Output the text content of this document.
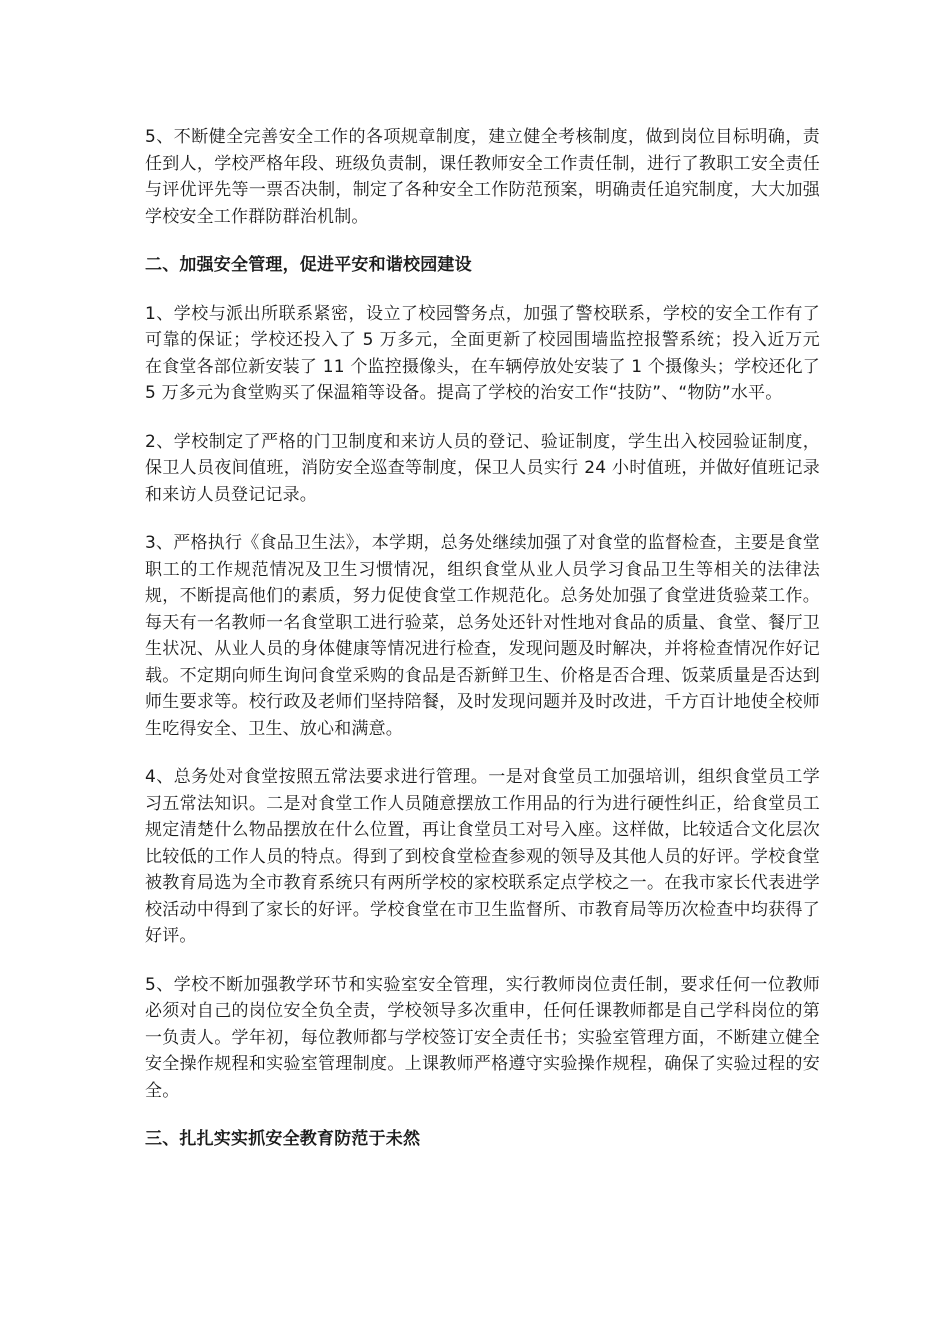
5、不断健全完善安全工作的各项规章制度，建立健全考核制度，做到岗位目标明确，责任到人，学校严格年段、班级负责制，课任教师安全工作责任制，进行了教职工安全责任与评优评先等一票否决制，制定了各种安全工作防范预案，明确责任追究制度，大大加强学校安全工作群防群治机制。

二、加强安全管理，促进平安和谐校园建设

1、学校与派出所联系紧密，设立了校园警务点，加强了警校联系，学校的安全工作有了可靠的保证；学校还投入了 5 万多元，全面更新了校园围墙监控报警系统；投入近万元在食堂各部位新安装了 11 个监控摄像头，在车辆停放处安装了 1 个摄像头；学校还化了 5 万多元为食堂购买了保温箱等设备。提高了学校的治安工作“技防”、“物防”水平。

2、学校制定了严格的门卫制度和来访人员的登记、验证制度，学生出入校园验证制度，保卫人员夜间值班，消防安全巡查等制度，保卫人员实行 24 小时值班，并做好值班记录和来访人员登记记录。

3、严格执行《食品卫生法》，本学期，总务处继续加强了对食堂的监督检查，主要是食堂职工的工作规范情况及卫生习惯情况，组织食堂从业人员学习食品卫生等相关的法律法规，不断提高他们的素质，努力促使食堂工作规范化。总务处加强了食堂进货验菜工作。每天有一名教师一名食堂职工进行验菜，总务处还针对性地对食品的质量、食堂、餐厅卫生状况、从业人员的身体健康等情况进行检查，发现问题及时解决，并将检查情况作好记载。不定期向师生询问食堂采购的食品是否新鲜卫生、价格是否合理、饭菜质量是否达到师生要求等。校行政及老师们坚持陪餐，及时发现问题并及时改进，千方百计地使全校师生吃得安全、卫生、放心和满意。

4、总务处对食堂按照五常法要求进行管理。一是对食堂员工加强培训，组织食堂员工学习五常法知识。二是对食堂工作人员随意摆放工作用品的行为进行硬性纠正，给食堂员工规定清楚什么物品摆放在什么位置，再让食堂员工对号入座。这样做，比较适合文化层次比较低的工作人员的特点。得到了到校食堂检查参观的领导及其他人员的好评。学校食堂被教育局选为全市教育系统只有两所学校的家校联系定点学校之一。在我市家长代表进学校活动中得到了家长的好评。学校食堂在市卫生监督所、市教育局等历次检查中均获得了好评。

5、学校不断加强教学环节和实验室安全管理，实行教师岗位责任制，要求任何一位教师必须对自己的岗位安全负全责，学校领导多次重申，任何任课教师都是自己学科岗位的第一负责人。学年初，每位教师都与学校签订安全责任书；实验室管理方面，不断建立健全安全操作规程和实验室管理制度。上课教师严格遵守实验操作规程，确保了实验过程的安全。

三、扎扎实实抓安全教育防范于未然
